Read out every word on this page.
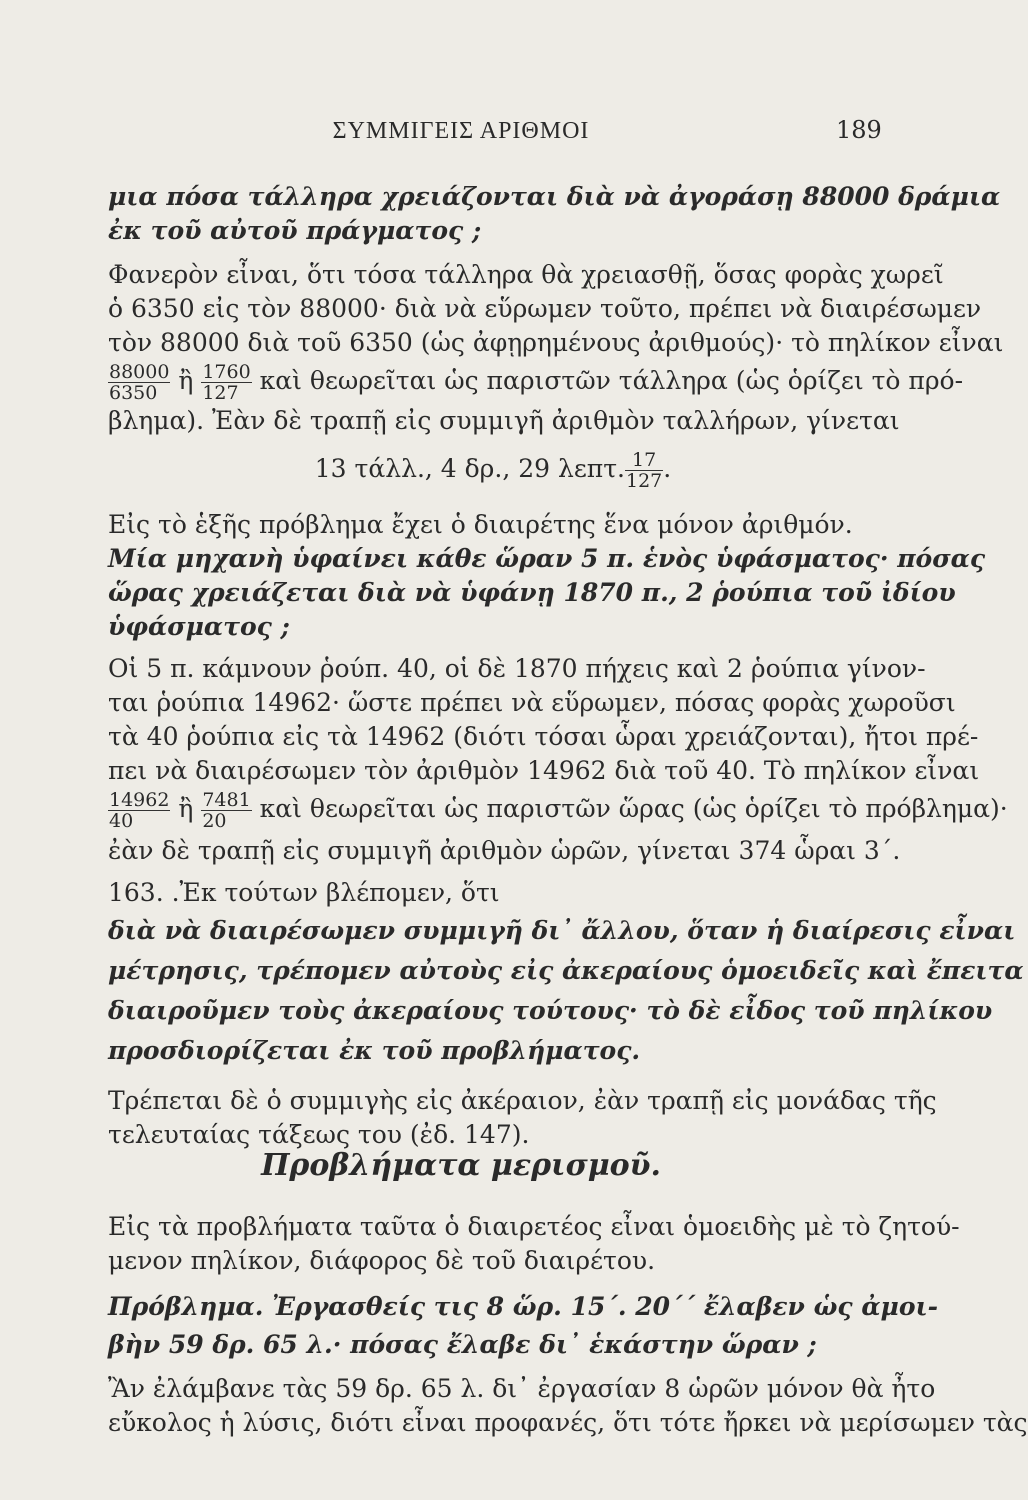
ΣΥΜΜΙΓΕΙΣ ΑΡΙΘΜΟΙ	189
μια πόσα τάλληρα χρειάζονται διὰ νὰ ἀγοράσῃ 88000 δράμια
ἐκ τοῦ αὐτοῦ πράγματος ;
Φανερὸν εἶναι, ὅτι τόσα τάλληρα θὰ χρειασθῇ, ὅσας φορὰς χωρεῖ
ὁ 6350 εἰς τὸν 88000· διὰ νὰ εὕρωμεν τοῦτο, πρέπει νὰ διαιρέσωμεν
τὸν 88000 διὰ τοῦ 6350 (ὡς ἀφῃρημένους ἀριθμούς)· τὸ πηλίκον εἶναι
$\frac{88000}{6350}$ ἢ $\frac{1760}{127}$ καὶ θεωρεῖται ὡς παριστῶν τάλληρα (ὡς ὁρίζει τὸ πρό-
βλημα). Ἐὰν δὲ τραπῇ εἰς συμμιγῆ ἀριθμὸν ταλλήρων, γίνεται
13 τάλλ., 4 δρ., 29 λεπτ. $\frac{17}{127}$ .
Εἰς τὸ ἑξῆς πρόβλημα ἔχει ὁ διαιρέτης ἕνα μόνον ἀριθμόν.
Μία μηχανὴ ὑφαίνει κάθε ὥραν 5 π. ἑνὸς ὑφάσματος· πόσας
ὥρας χρειάζεται διὰ νὰ ὑφάνῃ 1870 π., 2 ῥούπια τοῦ ἰδίου
ὑφάσματος ;
Οἱ 5 π. κάμνουν ῥούπ. 40, οἱ δὲ 1870 πήχεις καὶ 2 ῥούπια γίνον-
ται ῥούπια 14962· ὥστε πρέπει νὰ εὕρωμεν, πόσας φορὰς χωροῦσι
τὰ 40 ῥούπια εἰς τὰ 14962 (διότι τόσαι ὧραι χρειάζονται), ἤτοι πρέ-
πει νὰ διαιρέσωμεν τὸν ἀριθμὸν 14962 διὰ τοῦ 40. Τὸ πηλίκον εἶναι
$\frac{14962}{40}$ ἢ $\frac{7481}{20}$ καὶ θεωρεῖται ὡς παριστῶν ὥρας (ὡς ὁρίζει τὸ πρόβλημα)·
ἐὰν δὲ τραπῇ εἰς συμμιγῆ ἀριθμὸν ὡρῶν, γίνεται 374 ὧραι 3΄.
163. .Ἐκ τούτων βλέπομεν, ὅτι
διὰ νὰ διαιρέσωμεν συμμιγῆ δι᾽ ἄλλου, ὅταν ἡ διαίρεσις εἶναι
μέτρησις, τρέπομεν αὐτοὺς εἰς ἀκεραίους ὁμοειδεῖς καὶ ἔπειτα
διαιροῦμεν τοὺς ἀκεραίους τούτους· τὸ δὲ εἶδος τοῦ πηλίκου
προσδιορίζεται ἐκ τοῦ προβλήματος.
Τρέπεται δὲ ὁ συμμιγὴς εἰς ἀκέραιον, ἐὰν τραπῇ εἰς μονάδας τῆς
τελευταίας τάξεως του (ἐδ. 147).
Προβλήματα μερισμοῦ.
Εἰς τὰ προβλήματα ταῦτα ὁ διαιρετέος εἶναι ὁμοειδὴς μὲ τὸ ζητού-
μενον πηλίκον, διάφορος δὲ τοῦ διαιρέτου.
Πρόβλημα. Ἐργασθείς τις 8 ὥρ. 15΄. 20΄΄ ἔλαβεν ὡς ἀμοι-
βὴν 59 δρ. 65 λ.· πόσας ἔλαβε δι᾽ ἑκάστην ὥραν ;
Ἂν ἐλάμβανε τὰς 59 δρ. 65 λ. δι᾽ ἐργασίαν 8 ὡρῶν μόνον θὰ ἦτο
εὔκολος ἡ λύσις, διότι εἶναι προφανές, ὅτι τότε ἤρκει νὰ μερίσωμεν τὰς
